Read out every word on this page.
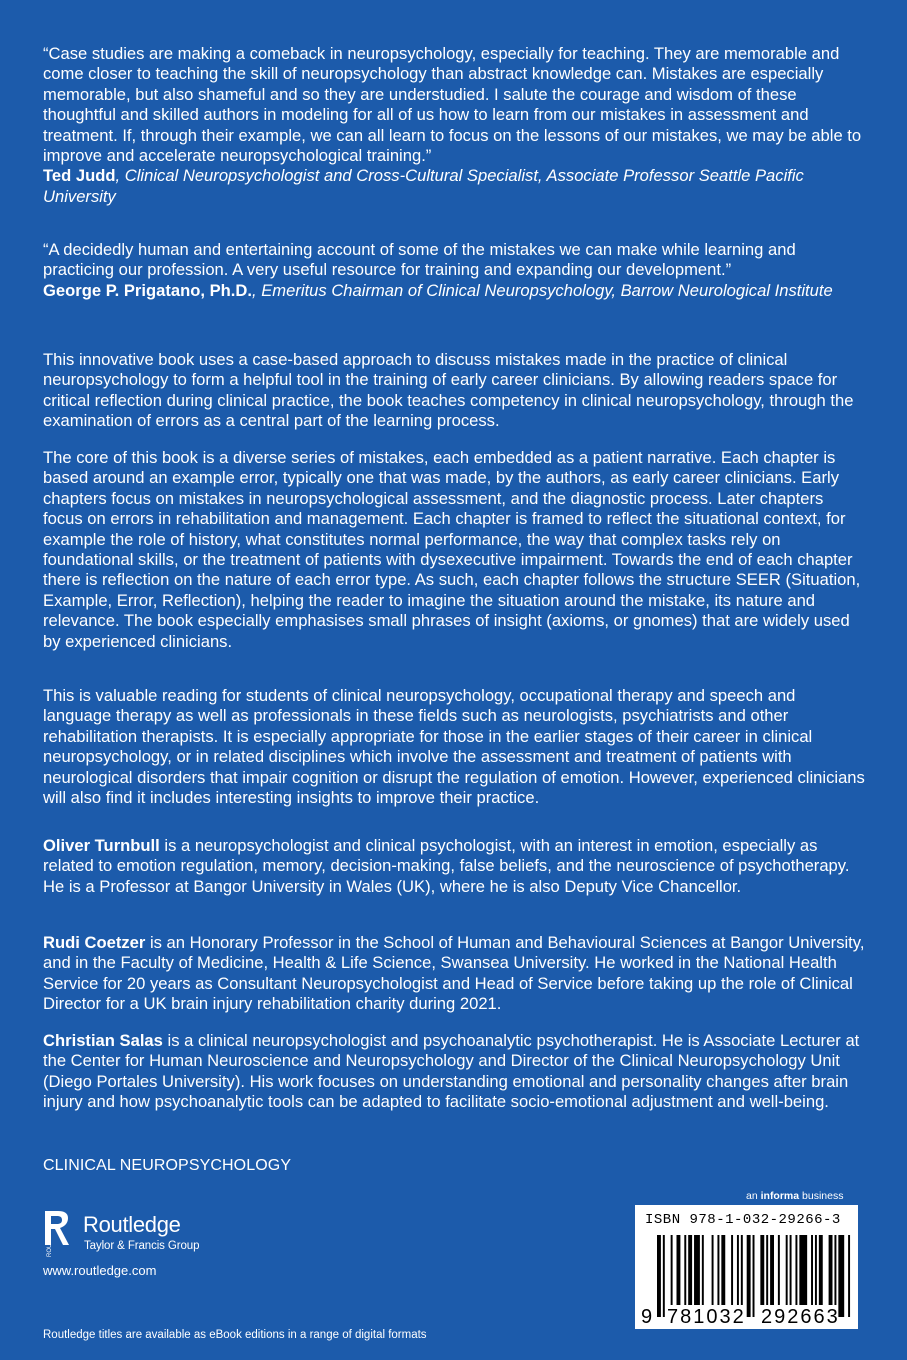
“Case studies are making a comeback in neuropsychology, especially for teaching. They are memorable and come closer to teaching the skill of neuropsychology than abstract knowledge can. Mistakes are especially memorable, but also shameful and so they are understudied. I salute the courage and wisdom of these thoughtful and skilled authors in modeling for all of us how to learn from our mistakes in assessment and treatment. If, through their example, we can all learn to focus on the lessons of our mistakes, we may be able to improve and accelerate neuropsychological training.”
Ted Judd, Clinical Neuropsychologist and Cross-Cultural Specialist, Associate Professor Seattle Pacific University
“A decidedly human and entertaining account of some of the mistakes we can make while learning and practicing our profession. A very useful resource for training and expanding our development.”
George P. Prigatano, Ph.D., Emeritus Chairman of Clinical Neuropsychology, Barrow Neurological Institute

This innovative book uses a case-based approach to discuss mistakes made in the practice of clinical neuropsychology to form a helpful tool in the training of early career clinicians. By allowing readers space for critical reflection during clinical practice, the book teaches competency in clinical neuropsychology, through the examination of errors as a central part of the learning process.

The core of this book is a diverse series of mistakes, each embedded as a patient narrative. Each chapter is based around an example error, typically one that was made, by the authors, as early career clinicians. Early chapters focus on mistakes in neuropsychological assessment, and the diagnostic process. Later chapters focus on errors in rehabilitation and management. Each chapter is framed to reflect the situational context, for example the role of history, what constitutes normal performance, the way that complex tasks rely on foundational skills, or the treatment of patients with dysexecutive impairment. Towards the end of each chapter there is reflection on the nature of each error type. As such, each chapter follows the structure SEER (Situation, Example, Error, Reflection), helping the reader to imagine the situation around the mistake, its nature and relevance. The book especially emphasises small phrases of insight (axioms, or gnomes) that are widely used by experienced clinicians.

This is valuable reading for students of clinical neuropsychology, occupational therapy and speech and language therapy as well as professionals in these fields such as neurologists, psychiatrists and other rehabilitation therapists. It is especially appropriate for those in the earlier stages of their career in clinical neuropsychology, or in related disciplines which involve the assessment and treatment of patients with neurological disorders that impair cognition or disrupt the regulation of emotion. However, experienced clinicians will also find it includes interesting insights to improve their practice.

Oliver Turnbull is a neuropsychologist and clinical psychologist, with an interest in emotion, especially as related to emotion regulation, memory, decision-making, false beliefs, and the neuroscience of psychotherapy. He is a Professor at Bangor University in Wales (UK), where he is also Deputy Vice Chancellor.

Rudi Coetzer is an Honorary Professor in the School of Human and Behavioural Sciences at Bangor University, and in the Faculty of Medicine, Health & Life Science, Swansea University. He worked in the National Health Service for 20 years as Consultant Neuropsychologist and Head of Service before taking up the role of Clinical Director for a UK brain injury rehabilitation charity during 2021.

Christian Salas is a clinical neuropsychologist and psychoanalytic psychotherapist. He is Associate Lecturer at the Center for Human Neuroscience and Neuropsychology and Director of the Clinical Neuropsychology Unit (Diego Portales University). His work focuses on understanding emotional and personality changes after brain injury and how psychoanalytic tools can be adapted to facilitate socio-emotional adjustment and well-being.

CLINICAL NEUROPSYCHOLOGY
ROUTLEDGE Routledge
Taylor & Francis Group
www.routledge.com
Routledge titles are available as eBook editions in a range of digital formats
an informa business
ISBN 978-1-032-29266-3
9 781032 292663
